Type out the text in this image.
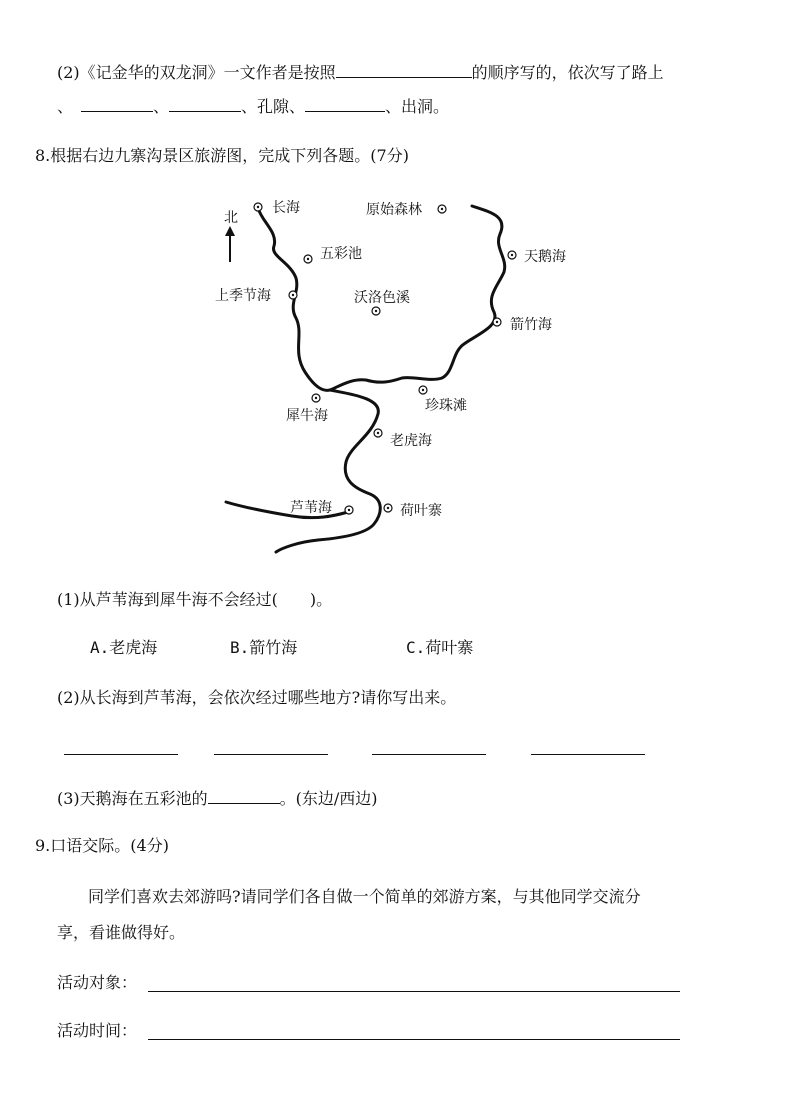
(2)《记金华的双龙洞》一文作者是按照	的顺序写的，依次写了路上
、	、	、孔隙、	、出洞。
8.根据右边九寨沟景区旅游图，完成下列各题。(7分)
北
长海	原始森林
五彩池	天鹅海
上季节海	沃洛色溪
箭竹海
珍珠滩
犀牛海
老虎海
芦苇海	荷叶寨
(1)从芦苇海到犀牛海不会经过(　　)。
A.老虎海	B.箭竹海	C.荷叶寨
(2)从长海到芦苇海，会依次经过哪些地方?请你写出来。
(3)天鹅海在五彩池的	。(东边/西边)
9.口语交际。(4分)
同学们喜欢去郊游吗?请同学们各自做一个简单的郊游方案，与其他同学交流分
享，看谁做得好。
活动对象：
活动时间：
